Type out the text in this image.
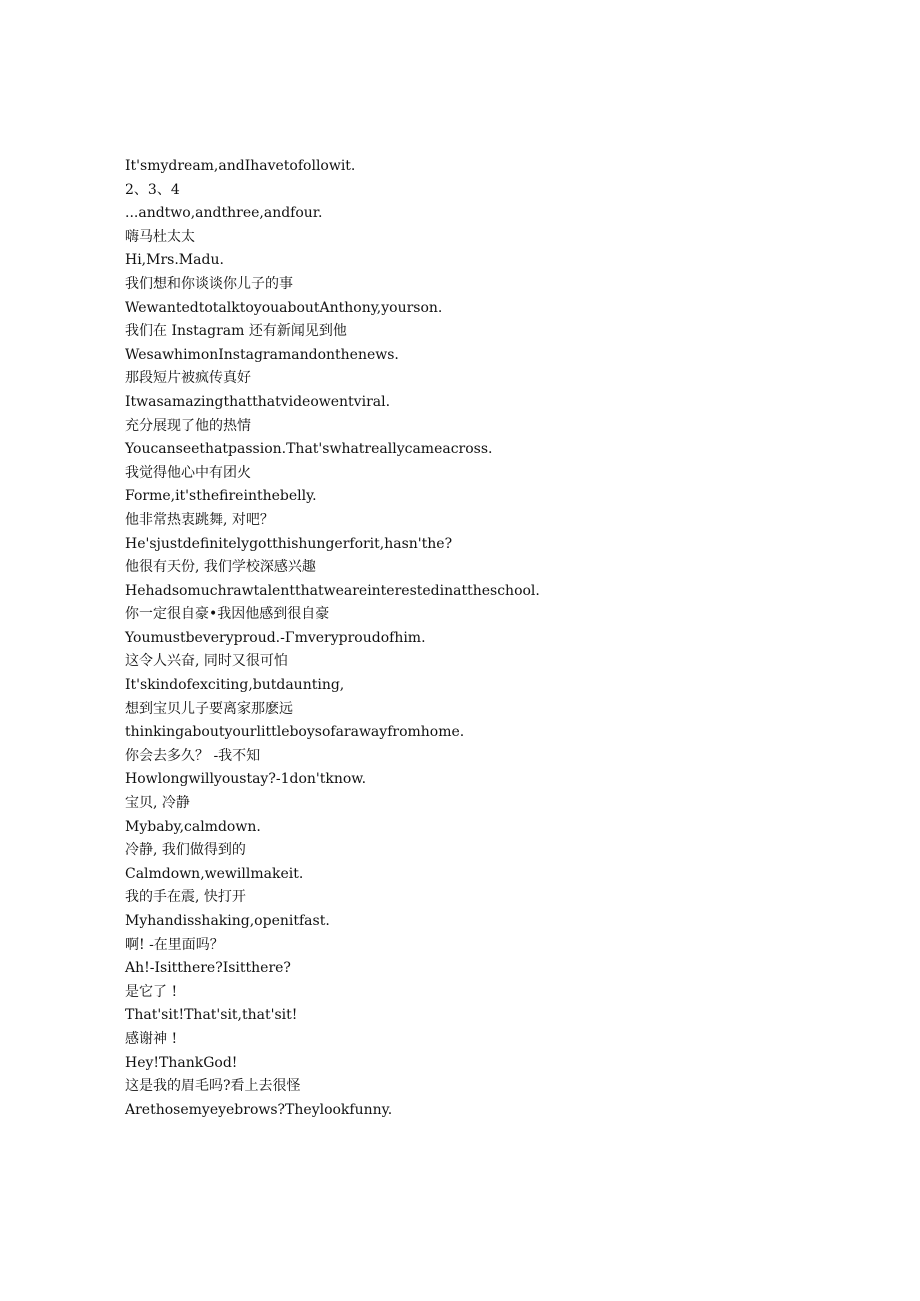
It'smydream,andIhavetofollowit.
2、3、4
...andtwo,andthree,andfour.
嗨马杜太太
Hi,Mrs.Madu.
我们想和你谈谈你儿子的事
WewantedtotalktoyouaboutAnthony,yourson.
我们在 Instagram 还有新闻见到他
WesawhimonInstagramandonthenews.
那段短片被疯传真好
Itwasamazingthatthatvideowentviral.
充分展现了他的热情
Youcanseethatpassion.That'swhatreallycameacross.
我觉得他心中有团火
Forme,it'sthefireinthebelly.
他非常热衷跳舞, 对吧？
He'sjustdefinitelygotthishungerforit,hasn'the?
他很有天份, 我们学校深感兴趣
Hehadsomuchrawtalentthatweareinterestedinattheschool.
你一定很自豪•我因他感到很自豪
Youmustbeveryproud.-Γmveryproudofhim.
这令人兴奋, 同时又很可怕
It'skindofexciting,butdaunting,
想到宝贝儿子要离家那麽远
thinkingaboutyourlittleboysofarawayfromhome.
你会去多久？ -我不知
Howlongwillyoustay?-1don'tknow.
宝贝, 冷静
Mybaby,calmdown.
冷静, 我们做得到的
Calmdown,wewillmakeit.
我的手在震, 快打开
Myhandisshaking,openitfast.
啊! -在里面吗？
Ah!-Isitthere?Isitthere?
是它了 !
That'sit!That'sit,that'sit!
感谢神 !
Hey!ThankGod!
这是我的眉毛吗?看上去很怪
Arethosemyeyebrows?Theylookfunny.
